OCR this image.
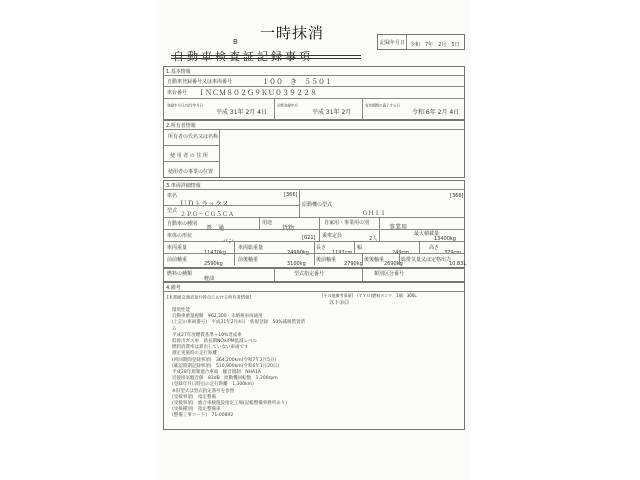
一時抹消
B
自動車検査証記録事項
記録年月日 令和　7年　2月　5日
1.基本情報
自動車登録番号又は車両番号	１００　き　５５０１
車台番号 ＩＮＣＭ８０２Ｇ９ＫＵ０３９２２８
登録年月日/交付年月日
平成 31年 2月 4日
初度登録年月
平成 31年 2月
有効期間の満了する日
令和 6年 2月 4日
2.所有者情報
所有者の氏名又は名称
使 用 者 の 住 所
使用者の事業の位置
3.車両詳細情報
車名
ＵＤトラックス
[366]	[366]
原動機の型式
ＧＨ１１
型式 ２ＰＧ－ＣＧ５ＣＡ
自動車の種別
普　通
用途
貨物
自家用・事業用の別
事業用
車体の形状
バン	[021] 乗車定員	2人
最大積載量
13400kg
車両重量
11470kg
車両総重量
24990kg
長さ
1197cm
幅
249cm
高さ
379cm
前前軸重
2590kg
前後軸重
3100kg
後前軸重
2790kg
後後軸重
2690kg
総排気量又は定格出力
10.83L
燃料の種類
軽油
型式指定番号	類別区分番号
4.備考
[本書面交通省発行時点における所有者情報]	[その他備考事項]　(ＴＹＯ)燃料タンク　1個　300L
以下余白
環境性能
自動車重量税額　¥62,300　未納税車両通用
(上記の車両番号)　平成31年2月4日　新規登録　50%減税措置済
み
平成27年度燃費基準＋10%達成車
低排出ガス車　新長期NOx/PM低減レベル
燃料消費率は算出していない車両です
測定実施時の走行距離
(初回期間登録事項)　364,200km(令和7年2月5日)
(確認時期記録事項)　510,900km(令和6年1月20日)
平成28年規制適合車両　騒音規制　NHA1A
近接排気騒音値　83dB　原動機回転数　1,200rpm
(登録年月日時点の走行距離　1,300km)
※旧型式は型式指定番号を参照
(受検事項)　指定整備
(受検事項)　総合車検施設指定工場(記帳整備事務所あり)
(受検種別)　指定整備車
(整備工事コード)　71-00892
